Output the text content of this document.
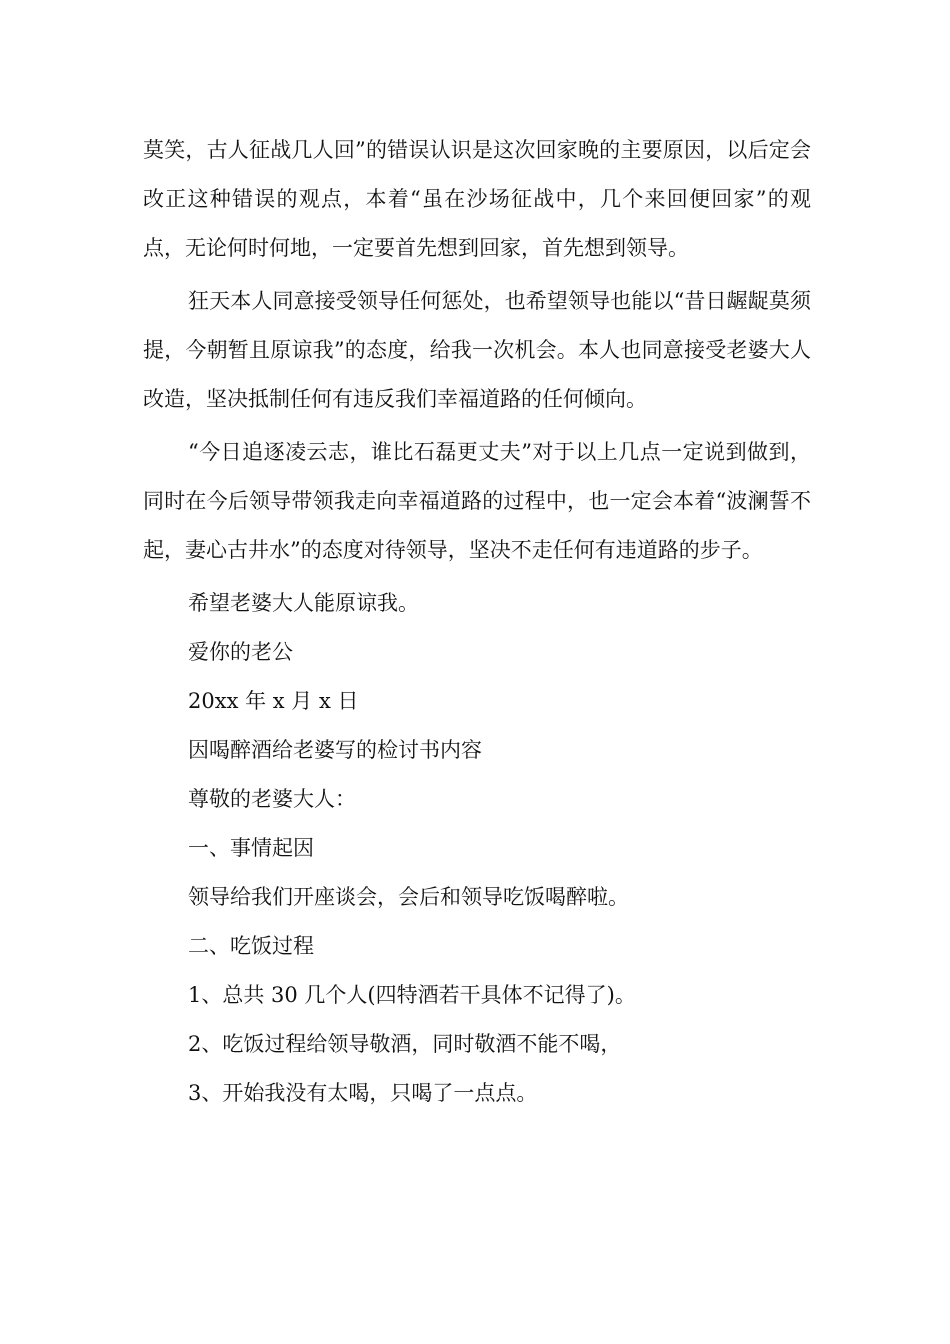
莫笑，古人征战几人回”的错误认识是这次回家晚的主要原因，以后定会改正这种错误的观点，本着“虽在沙场征战中，几个来回便回家”的观点，无论何时何地，一定要首先想到回家，首先想到领导。

狂天本人同意接受领导任何惩处，也希望领导也能以“昔日龌龊莫须提，今朝暂且原谅我”的态度，给我一次机会。本人也同意接受老婆大人改造，坚决抵制任何有违反我们幸福道路的任何倾向。

“今日追逐凌云志，谁比石磊更丈夫”对于以上几点一定说到做到，同时在今后领导带领我走向幸福道路的过程中，也一定会本着“波澜誓不起，妻心古井水”的态度对待领导，坚决不走任何有违道路的步子。

希望老婆大人能原谅我。

爱你的老公

20xx 年 x 月 x 日

因喝醉酒给老婆写的检讨书内容

尊敬的老婆大人：

一、事情起因

领导给我们开座谈会，会后和领导吃饭喝醉啦。

二、吃饭过程

1、总共 30 几个人(四特酒若干具体不记得了)。

2、吃饭过程给领导敬酒，同时敬酒不能不喝，

3、开始我没有太喝，只喝了一点点。
